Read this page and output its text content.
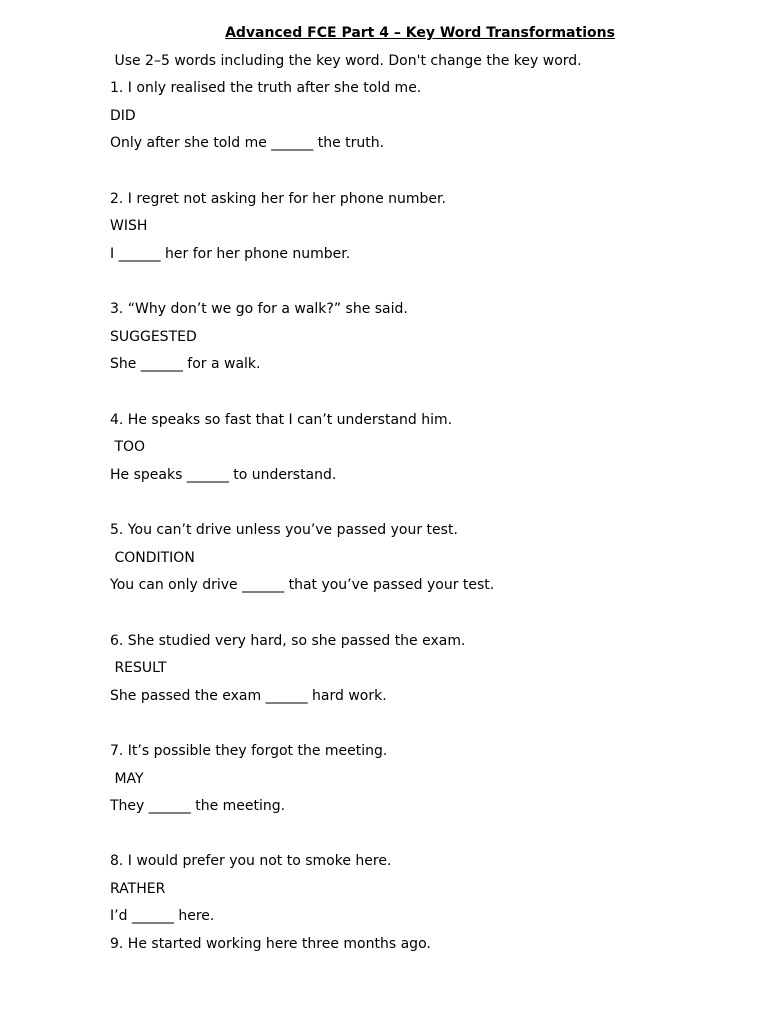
Advanced FCE Part 4 – Key Word Transformations
Use 2–5 words including the key word. Don't change the key word.
1. I only realised the truth after she told me.
DID
Only after she told me ______ the truth.
2. I regret not asking her for her phone number.
WISH
I ______ her for her phone number.
3. “Why don’t we go for a walk?” she said.
SUGGESTED
She ______ for a walk.
4. He speaks so fast that I can’t understand him.
TOO
He speaks ______ to understand.
5. You can’t drive unless you’ve passed your test.
CONDITION
You can only drive ______ that you’ve passed your test.
6. She studied very hard, so she passed the exam.
RESULT
She passed the exam ______ hard work.
7. It’s possible they forgot the meeting.
MAY
They ______ the meeting.
8. I would prefer you not to smoke here.
RATHER
I’d ______ here.
9. He started working here three months ago.
